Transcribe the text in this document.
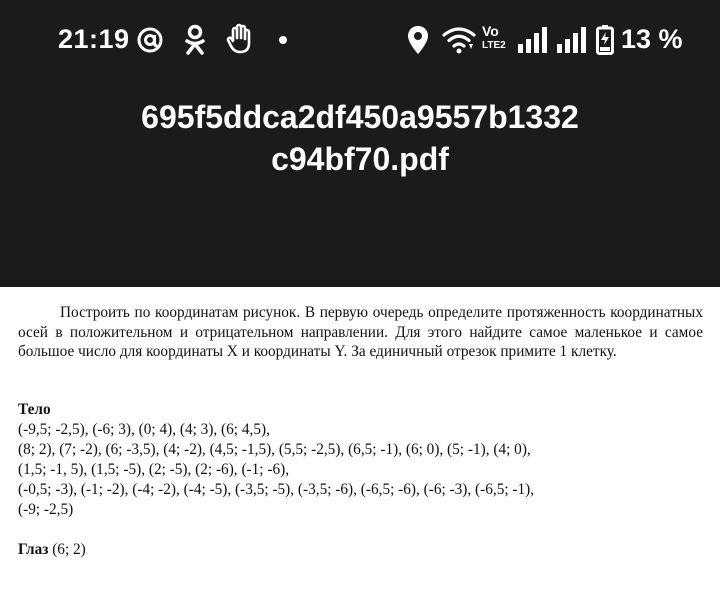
21:19	Vo
LTE2	13 %
695f5ddca2df450a9557b1332
c94bf70.pdf
Построить по координатам рисунок. В первую очередь определите протяженность координатных осей в положительном и отрицательном направлении. Для этого найдите самое маленькое и самое большое число для координаты X и координаты Y. За единичный отрезок примите 1 клетку.
Тело
(-9,5; -2,5), (-6; 3), (0; 4), (4; 3), (6; 4,5),
(8; 2), (7; -2), (6; -3,5), (4; -2), (4,5; -1,5), (5,5; -2,5), (6,5; -1), (6; 0), (5; -1), (4; 0),
(1,5; -1, 5), (1,5; -5), (2; -5), (2; -6), (-1; -6),
(-0,5; -3), (-1; -2), (-4; -2), (-4; -5), (-3,5; -5), (-3,5; -6), (-6,5; -6), (-6; -3), (-6,5; -1),
(-9; -2,5)
Глаз (6; 2)
